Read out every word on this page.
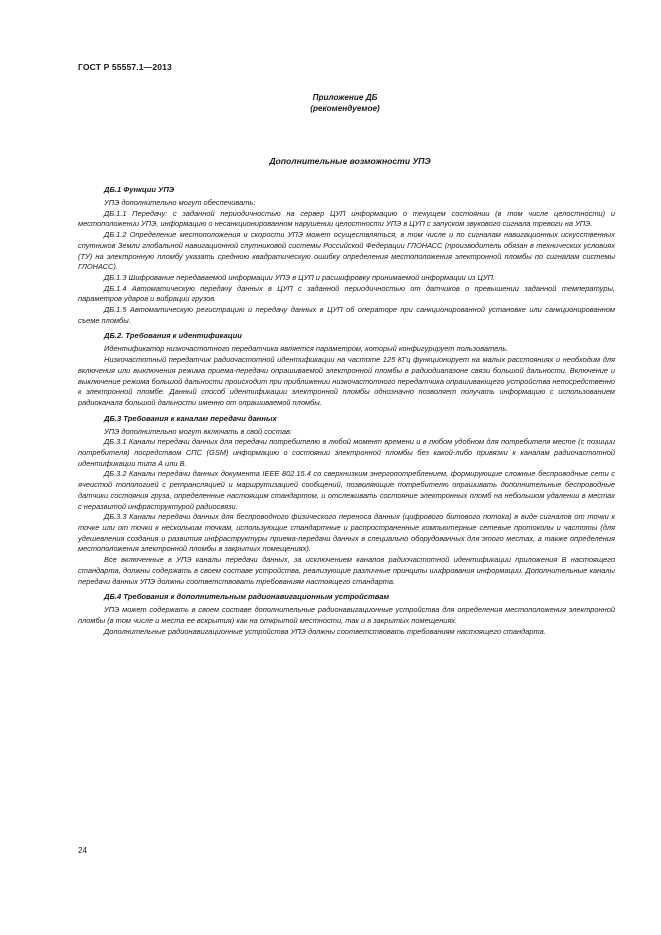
ГОСТ Р 55557.1—2013
Приложение ДБ
(рекомендуемое)
Дополнительные возможности УПЭ
ДБ.1 Функции УПЭ

УПЭ дополнительно могут обеспечивать:

ДБ.1.1 Передачу: с заданной периодичностью на сервер ЦУП информацию о текущем состоянии (в том числе целостности) и местоположении УПЭ, информацию о несанкционированном нарушении целостности УПЭ в ЦУП с запуском звукового сигнала тревоги на УПЭ.

ДБ.1.2 Определение местоположения и скорости УПЭ может осуществляться, в том числе и по сигналам навигационных искусственных спутников Земли глобальной навигационной спутниковой системы Российской Федерации ГЛОНАСС (производитель обязан в технических условиях (ТУ) на электронную пломбу указать среднюю квадратическую ошибку определения местоположения электронной пломбы по сигналам системы ГЛОНАСС).

ДБ.1.3 Шифрование передаваемой информации УПЭ в ЦУП и расшифровку принимаемой информации из ЦУП.

ДБ.1.4 Автоматическую передачу данных в ЦУП с заданной периодичностью от датчиков о превышении заданной температуры, параметров ударов и вибрации грузов.

ДБ.1.5 Автоматическую регистрацию и передачу данных в ЦУП об операторе при санкционированной установке или санкционированном съеме пломбы.

ДБ.2. Требования к идентификации

Идентификатор низкочастотного передатчика является параметром, который конфигурирует пользователь.

Низкочастотный передатчик радиочастотной идентификации на частоте 125 КГц функционирует на малых расстояниях и необходим для включения или выключения режима приема-передачи опрашиваемой электронной пломбы в радиодиапазоне связи большой дальности. Включение и выключение режима большой дальности происходит при приближении низкочастотного передатчика опрашивающего устройства непосредственно к электронной пломбе. Данный способ идентификации электронной пломбы однозначно позволяет получать информацию с использованием радиоканала большой дальности именно от опрашиваемой пломбы.

ДБ.3 Требования к каналам передачи данных

УПЭ дополнительно могут включать в свой состав:

ДБ.3.1 Каналы передачи данных для передачи потребителю в любой момент времени и в любом удобном для потребителя месте (с позиции потребителя) посредством СПС (GSM) информацию о состоянии электронной пломбы без какой-либо привязки к каналам радиочастотной идентификации типа А или В.

ДБ.3.2 Каналы передачи данных документа IEEE 802.15.4 со сверхнизким энергопотреблением, формирующие сложные беспроводные сети с ячеистой топологией с ретрансляцией и маршрутизацией сообщений, позволяющие потребителю опрашивать дополнительные беспроводные датчики состояния груза, определенные настоящим стандартом, и отслеживать состояние электронных пломб на небольшом удалении в местах с неразвитой инфраструктурой радиосвязи.

ДБ.3.3 Каналы передачи данных для беспроводного физического переноса данных (цифрового битового потока) в виде сигналов от точки к точке или от точки к нескольким точкам, использующие стандартные и распространенные компьютерные сетевые протоколы и частоты (для удешевления создания и развития инфраструктуры приема-передачи данных в специально оборудованных для этого местах, а также определения местоположения электронной пломбы в закрытых помещениях).

Все включенные в УПЭ каналы передачи данных, за исключением каналов радиочастотной идентификации приложения В настоящего стандарта, должны содержать в своем составе устройства, реализующие различные принципы шифрования информации. Дополнительные каналы передачи данных УПЭ должны соответствовать требованиям настоящего стандарта.

ДБ.4 Требования к дополнительным радионавигационным устройствам

УПЭ может содержать в своем составе дополнительные радионавигационные устройства для определения местоположения электронной пломбы (в том числе и места ее вскрытия) как на открытой местности, так и в закрытых помещениях.

Дополнительные радионавигационные устройства УПЭ должны соответствовать требованиям настоящего стандарта.

24
